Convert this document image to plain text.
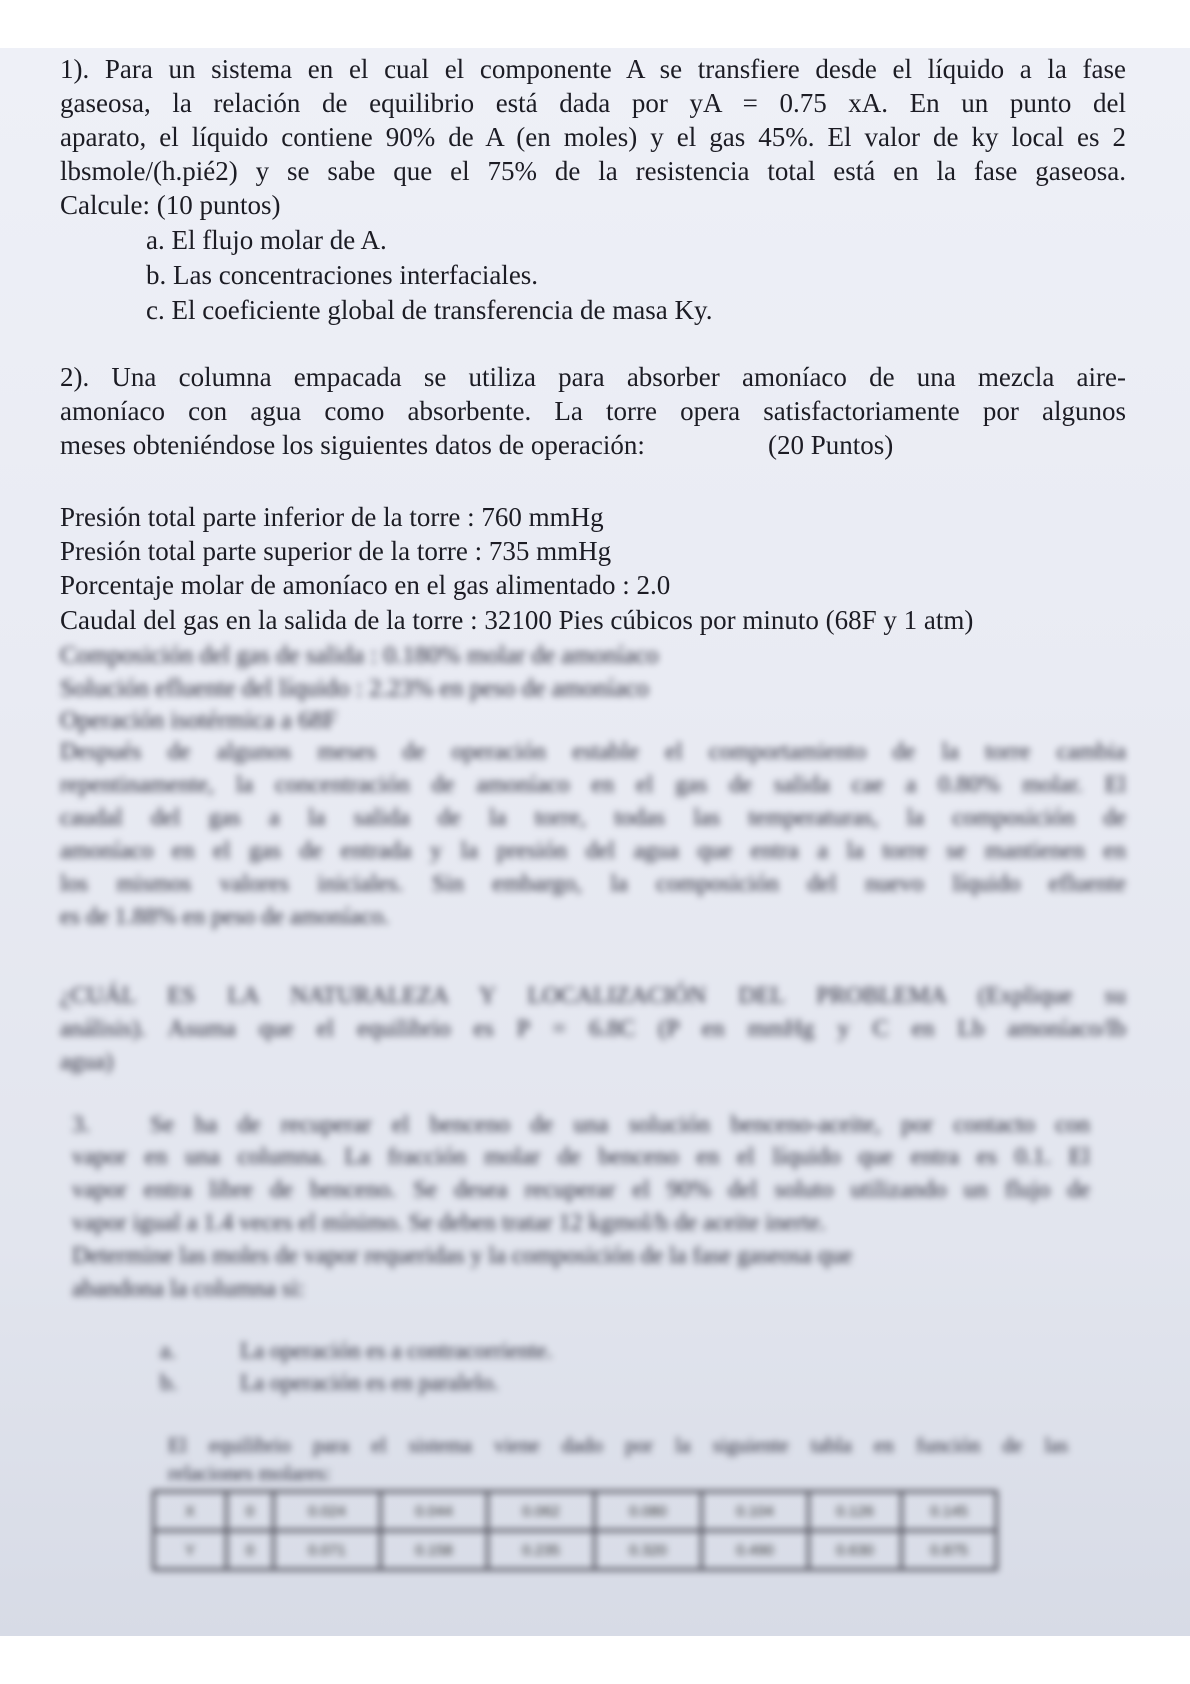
1). Para un sistema en el cual el componente A se transfiere desde el líquido a la fase
gaseosa, la relación de equilibrio está dada por yA = 0.75 xA. En un punto del
aparato, el líquido contiene 90% de A (en moles) y el gas 45%. El valor de ky local es 2
lbsmole/(h.pié2) y se sabe que el 75% de la resistencia total está en la fase gaseosa.
Calcule: (10 puntos)
a. El flujo molar de A.
b. Las concentraciones interfaciales.
c. El coeficiente global de transferencia de masa Ky.
2). Una columna empacada se utiliza para absorber amoníaco de una mezcla aire-
amoníaco con agua como absorbente. La torre opera satisfactoriamente por algunos
meses obteniéndose los siguientes datos de operación:	(20 Puntos)
Presión total parte inferior de la torre : 760 mmHg
Presión total parte superior de la torre : 735 mmHg
Porcentaje molar de amoníaco en el gas alimentado : 2.0
Caudal del gas en la salida de la torre : 32100 Pies cúbicos por minuto (68F y 1 atm)
Composición del gas de salida : 0.180% molar de amoníaco
Solución efluente del líquido : 2.23% en peso de amoníaco
Operación isotérmica a 68F
Después de algunos meses de operación estable el comportamiento de la torre cambia
repentinamente, la concentración de amoníaco en el gas de salida cae a 0.80% molar. El
caudal del gas a la salida de la torre, todas las temperaturas, la composición de
amoníaco en el gas de entrada y la presión del agua que entra a la torre se mantienen en
los mismos valores iniciales. Sin embargo, la composición del nuevo líquido efluente
es de 1.88% en peso de amoníaco.
¿CUÁL ES LA NATURALEZA Y LOCALIZACIÓN DEL PROBLEMA (Explique su
análisis). Asuma que el equilibrio es P = 6.8C (P en mmHg y C en Lb amoníaco/lb
agua)
3.	Se ha de recuperar el benceno de una solución benceno-aceite, por contacto con
vapor en una columna. La fracción molar de benceno en el líquido que entra es 0.1. El
vapor entra libre de benceno. Se desea recuperar el 90% del soluto utilizando un flujo de
vapor igual a 1.4 veces el mínimo. Se deben tratar 12 kgmol/h de aceite inerte.
Determine las moles de vapor requeridas y la composición de la fase gaseosa que
abandona la columna si:
a.	La operación es a contracorriente.
b.	La operación es en paralelo.
El equilibrio para el sistema viene dado por la siguiente tabla en función de las
relaciones molares:
X	0	0.024	0.044	0.062	0.080	0.104	0.126	0.145
Y	0	0.071	0.158	0.235	0.320	0.490	0.630	0.875
